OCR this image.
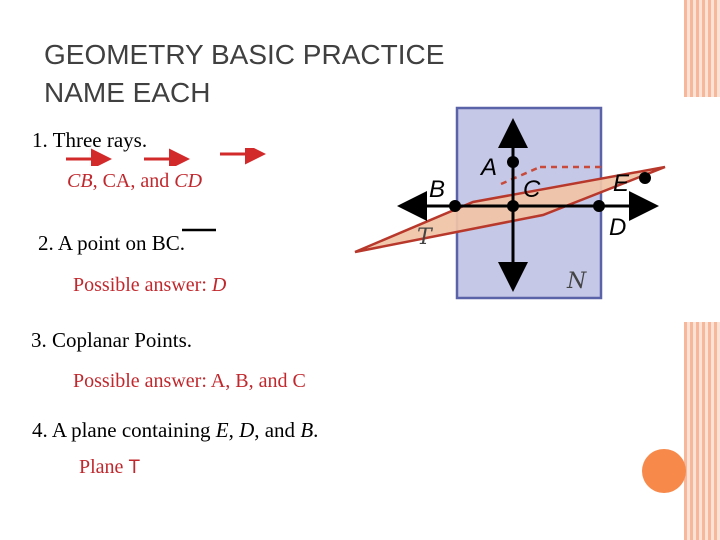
GEOMETRY BASIC PRACTICE
NAME EACH
1. Three rays.
CB, CA, and CD
2. A point on BC.
Possible answer: D
3. Coplanar Points.
Possible answer: A, B, and C
4. A plane containing E, D, and B.
Plane T
A
B	C
D
E
T
N
